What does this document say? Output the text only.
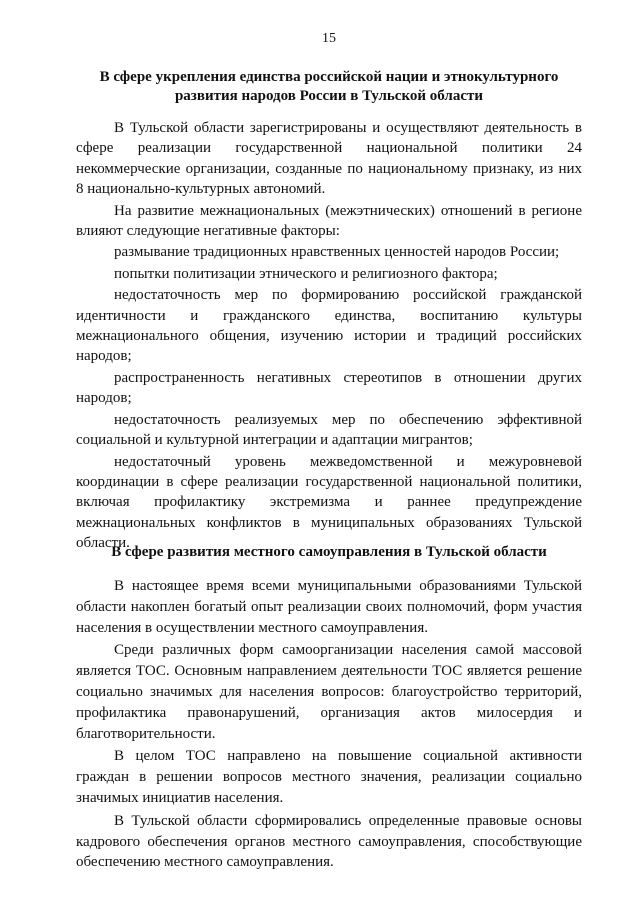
15
В сфере укрепления единства российской нации и этнокультурного развития народов России в Тульской области

В Тульской области зарегистрированы и осуществляют деятельность в сфере реализации государственной национальной политики 24 некоммерческие организации, созданные по национальному признаку, из них 8 национально-культурных автономий.

На развитие межнациональных (межэтнических) отношений в регионе влияют следующие негативные факторы:

размывание традиционных нравственных ценностей народов России;

попытки политизации этнического и религиозного фактора;

недостаточность мер по формированию российской гражданской идентичности и гражданского единства, воспитанию культуры межнационального общения, изучению истории и традиций российских народов;

распространенность негативных стереотипов в отношении других народов;

недостаточность реализуемых мер по обеспечению эффективной социальной и культурной интеграции и адаптации мигрантов;

недостаточный уровень межведомственной и межуровневой координации в сфере реализации государственной национальной политики, включая профилактику экстремизма и раннее предупреждение межнациональных конфликтов в муниципальных образованиях Тульской области.

В сфере развития местного самоуправления в Тульской области

В настоящее время всеми муниципальными образованиями Тульской области накоплен богатый опыт реализации своих полномочий, форм участия населения в осуществлении местного самоуправления.

Среди различных форм самоорганизации населения самой массовой является ТОС. Основным направлением деятельности ТОС является решение социально значимых для населения вопросов: благоустройство территорий, профилактика правонарушений, организация актов милосердия и благотворительности.

В целом ТОС направлено на повышение социальной активности граждан в решении вопросов местного значения, реализации социально значимых инициатив населения.

В Тульской области сформировались определенные правовые основы кадрового обеспечения органов местного самоуправления, способствующие обеспечению местного самоуправления.
